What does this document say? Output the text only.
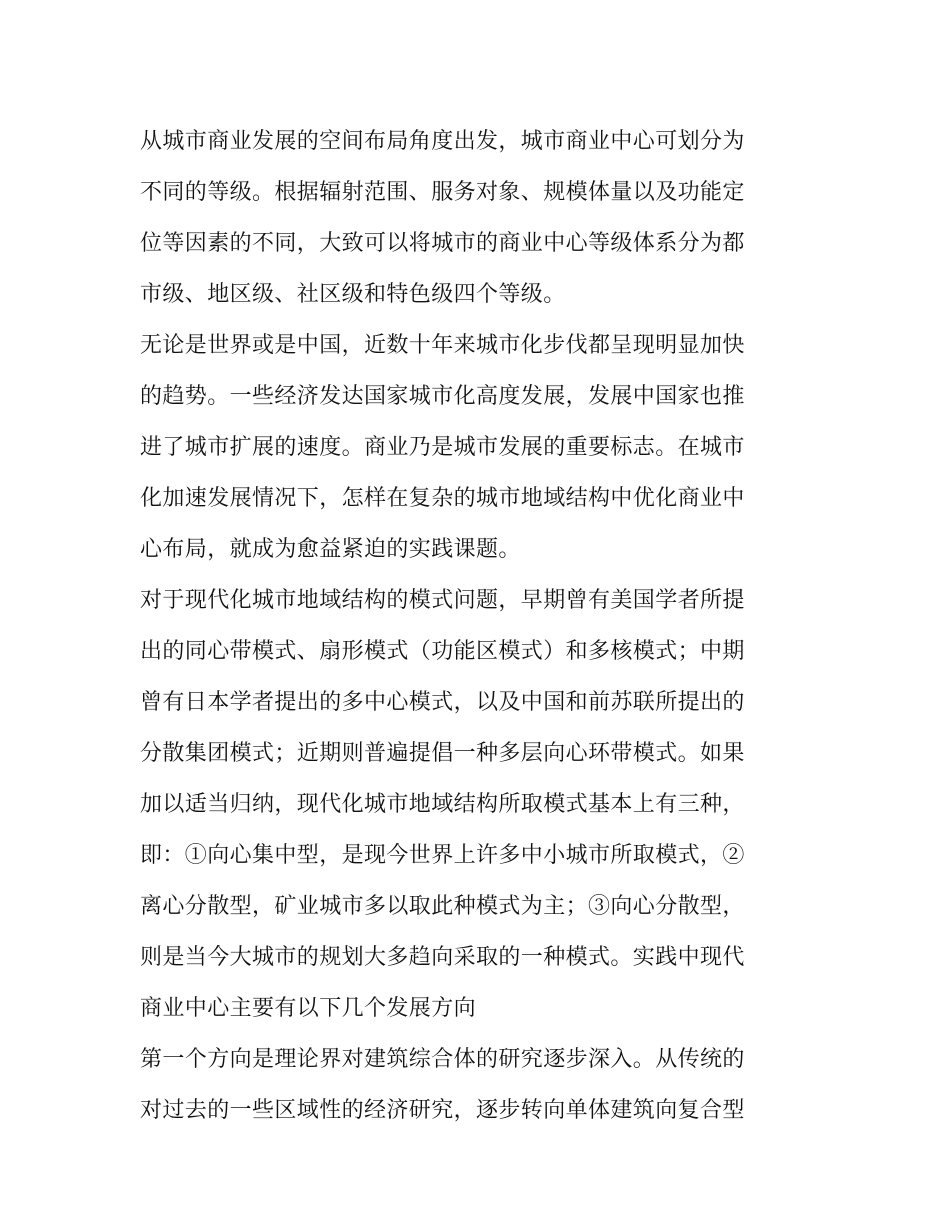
从城市商业发展的空间布局角度出发，城市商业中心可划分为
不同的等级。根据辐射范围、服务对象、规模体量以及功能定
位等因素的不同，大致可以将城市的商业中心等级体系分为都
市级、地区级、社区级和特色级四个等级。
无论是世界或是中国，近数十年来城市化步伐都呈现明显加快
的趋势。一些经济发达国家城市化高度发展，发展中国家也推
进了城市扩展的速度。商业乃是城市发展的重要标志。在城市
化加速发展情况下，怎样在复杂的城市地域结构中优化商业中
心布局，就成为愈益紧迫的实践课题。
对于现代化城市地域结构的模式问题，早期曾有美国学者所提
出的同心带模式、扇形模式（功能区模式）和多核模式；中期
曾有日本学者提出的多中心模式，以及中国和前苏联所提出的
分散集团模式；近期则普遍提倡一种多层向心环带模式。如果
加以适当归纳，现代化城市地域结构所取模式基本上有三种，
即：①向心集中型，是现今世界上许多中小城市所取模式，②
离心分散型，矿业城市多以取此种模式为主；③向心分散型，
则是当今大城市的规划大多趋向采取的一种模式。实践中现代
商业中心主要有以下几个发展方向
第一个方向是理论界对建筑综合体的研究逐步深入。从传统的
对过去的一些区域性的经济研究，逐步转向单体建筑向复合型
